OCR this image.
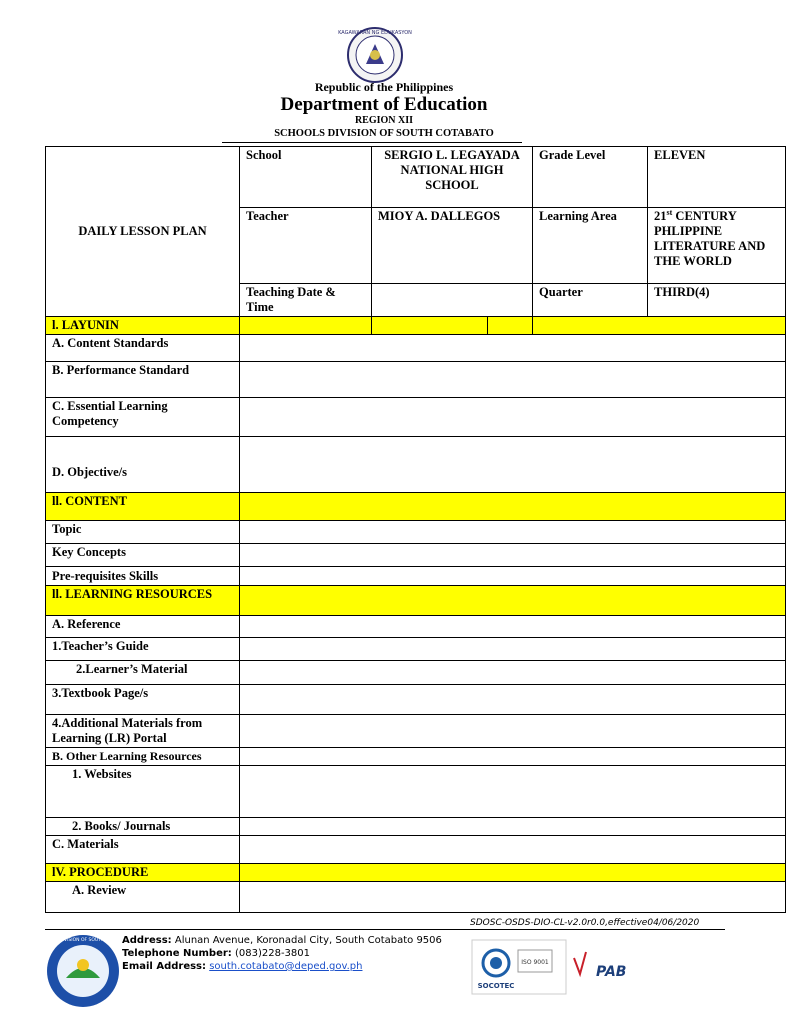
KAGAWARAN NG EDUKASYON
Republic of the Philippines
Department of Education
REGION XII
SCHOOLS DIVISION OF SOUTH COTABATO
DAILY LESSON PLAN	School	SERGIO L. LEGAYADA NATIONAL HIGH SCHOOL		Grade Level	ELEVEN
	Teacher	MIOY A. DALLEGOS		Learning Area	21st CENTURY PHLIPPINE LITERATURE AND THE WORLD
	Teaching Date & Time			Quarter	THIRD(4)
l. LAYUNIN					
A. Content Standards					
B. Performance Standard					
C. Essential Learning Competency					
D. Objective/s					
ll. CONTENT					
Topic					
Key Concepts					
Pre-requisites Skills					
ll. LEARNING RESOURCES					
A. Reference					
1.Teacher’s Guide					
2.Learner’s Material					
3.Textbook Page/s					
4.Additional Materials from Learning (LR) Portal					
B. Other Learning Resources					
1. Websites					
2. Books/ Journals					
C. Materials					
lV. PROCEDURE					
A. Review					
SDOSC-OSDS-DIO-CL-v2.0r0.0,effective04/06/2020
SCHOOLS DIVISION OF SOUTH COTABATO
Address: Alunan Avenue, Koronadal City, South Cotabato 9506
Telephone Number: (083)228-3801
Email Address: south.cotabato@deped.gov.ph
SOCOTEC
ISO 9001
PAB
